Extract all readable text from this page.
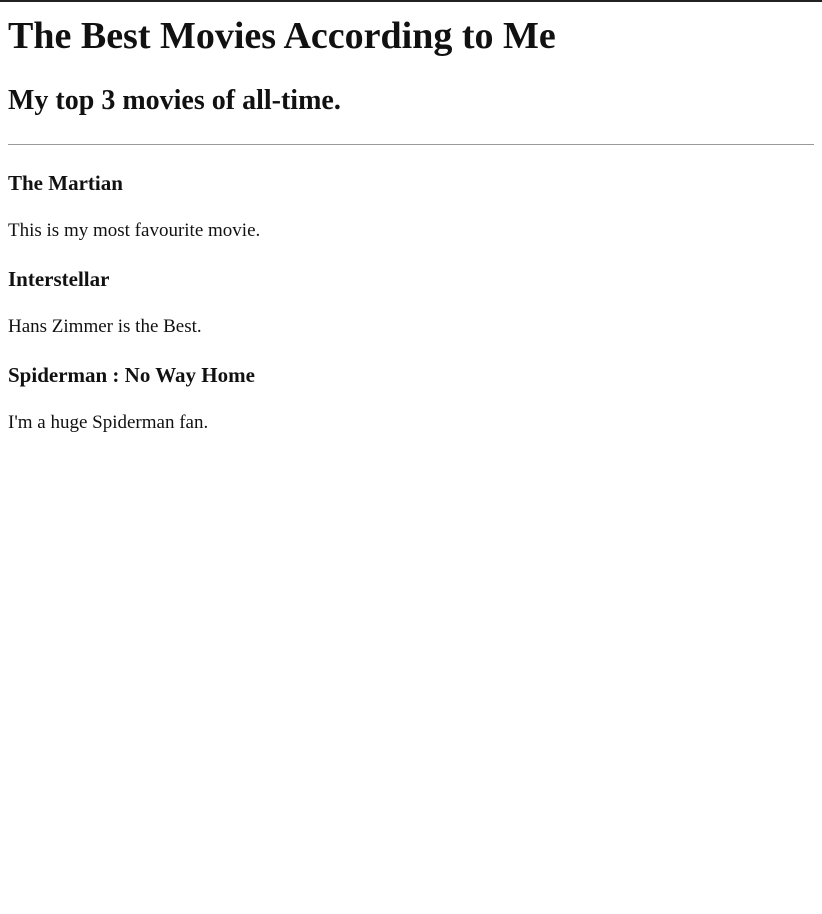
The Best Movies According to Me
My top 3 movies of all-time.
The Martian

This is my most favourite movie.

Interstellar

Hans Zimmer is the Best.

Spiderman : No Way Home

I'm a huge Spiderman fan.
